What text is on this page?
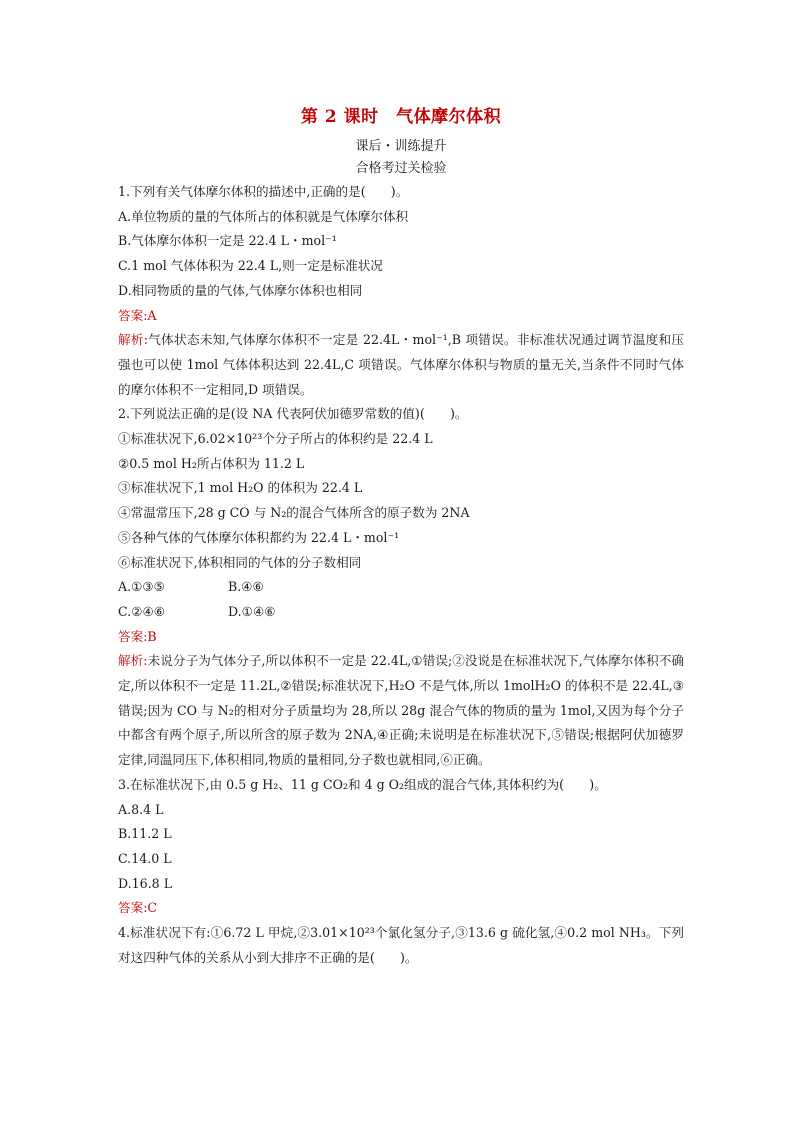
第 2 课时　气体摩尔体积

课后・训练提升

合格考过关检验

1.下列有关气体摩尔体积的描述中,正确的是(　　)。

A.单位物质的量的气体所占的体积就是气体摩尔体积

B.气体摩尔体积一定是 22.4 L・mol⁻¹

C.1 mol 气体体积为 22.4 L,则一定是标准状况

D.相同物质的量的气体,气体摩尔体积也相同

答案:A

解析:气体状态未知,气体摩尔体积不一定是 22.4L・mol⁻¹,B 项错误。非标准状况通过调节温度和压强也可以使 1mol 气体体积达到 22.4L,C 项错误。气体摩尔体积与物质的量无关,当条件不同时气体的摩尔体积不一定相同,D 项错误。

2.下列说法正确的是(设 NA 代表阿伏加德罗常数的值)(　　)。

①标准状况下,6.02×10²³个分子所占的体积约是 22.4 L

②0.5 mol H₂所占体积为 11.2 L

③标准状况下,1 mol H₂O 的体积为 22.4 L

④常温常压下,28 g CO 与 N₂的混合气体所含的原子数为 2NA

⑤各种气体的气体摩尔体积都约为 22.4 L・mol⁻¹

⑥标准状况下,体积相同的气体的分子数相同

A.①③⑤	B.④⑥

C.②④⑥	D.①④⑥

答案:B

解析:未说分子为气体分子,所以体积不一定是 22.4L,①错误;②没说是在标准状况下,气体摩尔体积不确定,所以体积不一定是 11.2L,②错误;标准状况下,H₂O 不是气体,所以 1molH₂O 的体积不是 22.4L,③错误;因为 CO 与 N₂的相对分子质量均为 28,所以 28g 混合气体的物质的量为 1mol,又因为每个分子中都含有两个原子,所以所含的原子数为 2NA,④正确;未说明是在标准状况下,⑤错误;根据阿伏加德罗定律,同温同压下,体积相同,物质的量相同,分子数也就相同,⑥正确。

3.在标准状况下,由 0.5 g H₂、11 g CO₂和 4 g O₂组成的混合气体,其体积约为(　　)。

A.8.4 L

B.11.2 L

C.14.0 L

D.16.8 L

答案:C

4.标准状况下有:①6.72 L 甲烷,②3.01×10²³个氯化氢分子,③13.6 g 硫化氢,④0.2 mol NH₃。下列对这四种气体的关系从小到大排序不正确的是(　　)。
